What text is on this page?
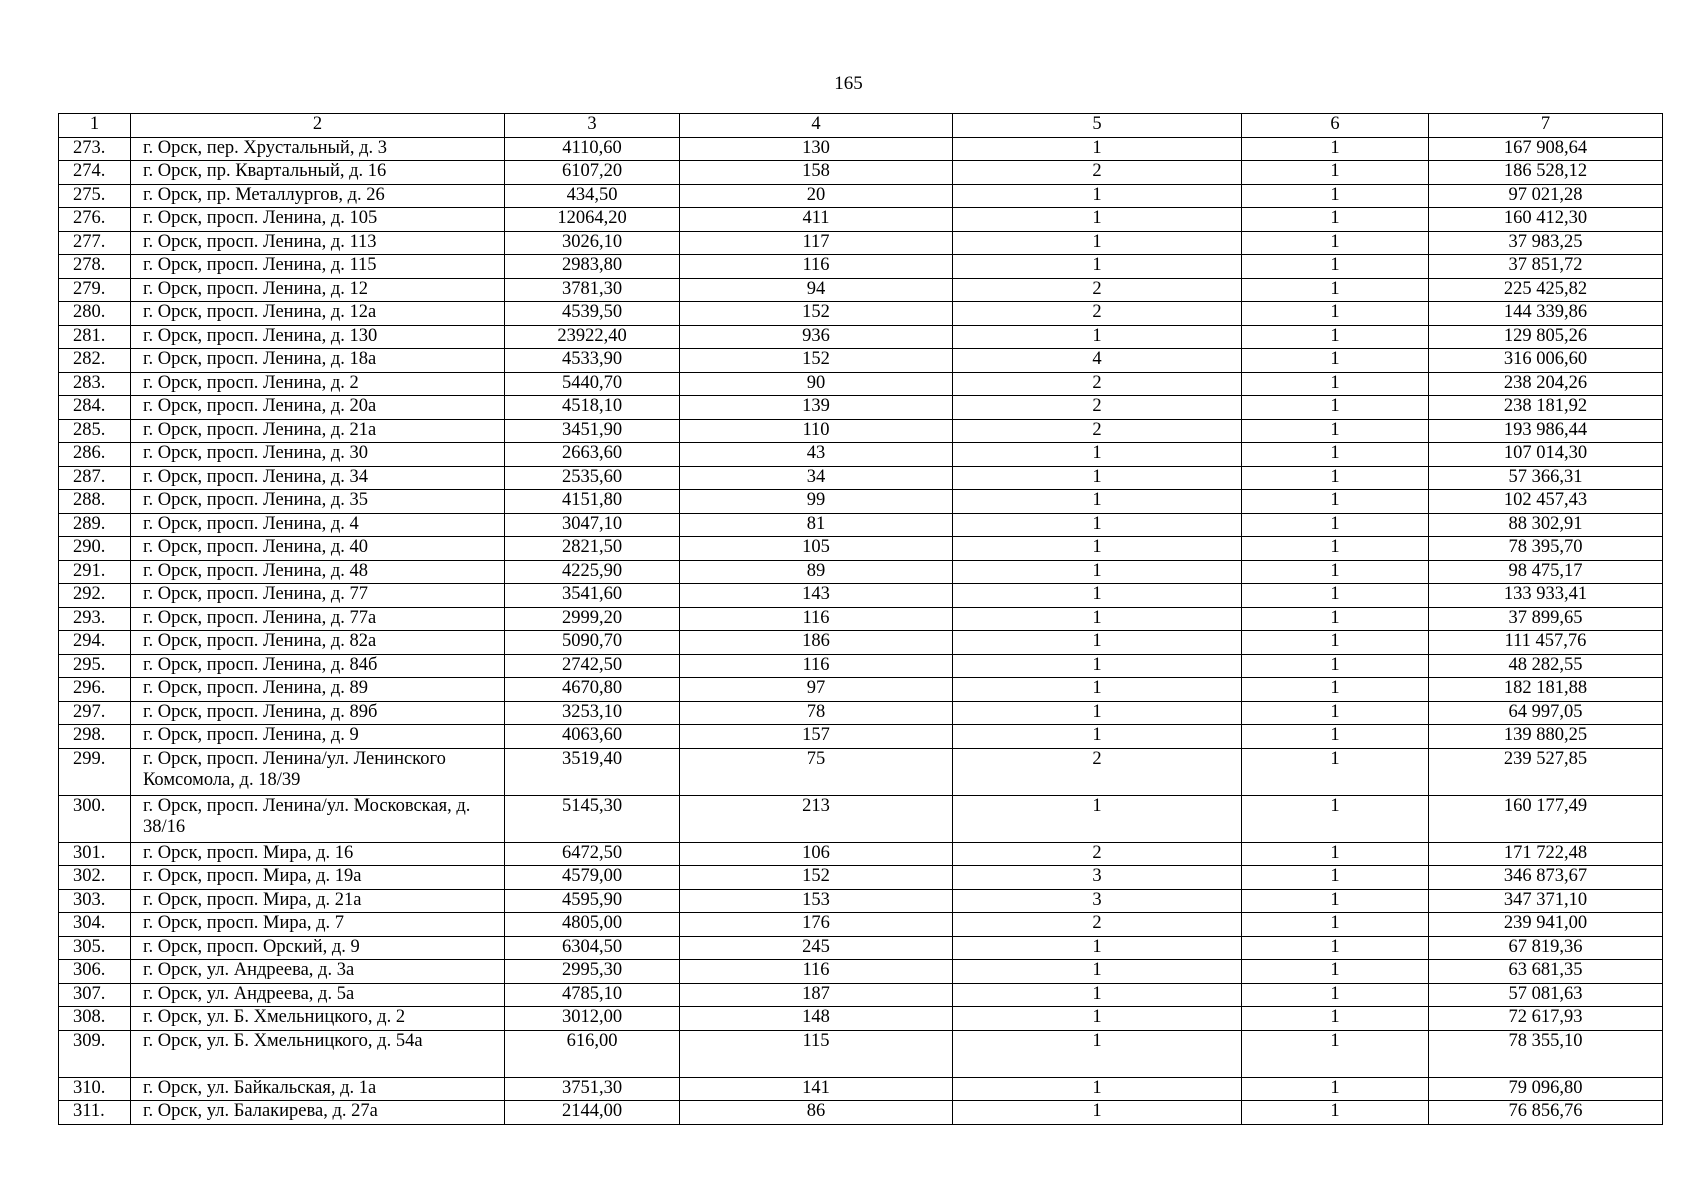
165
1	2	3	4	5	6	7
273.	г. Орск, пер. Хрустальный, д. 3	4110,60	130	1	1	167 908,64
274.	г. Орск, пр. Квартальный, д. 16	6107,20	158	2	1	186 528,12
275.	г. Орск, пр. Металлургов, д. 26	434,50	20	1	1	97 021,28
276.	г. Орск, просп. Ленина, д. 105	12064,20	411	1	1	160 412,30
277.	г. Орск, просп. Ленина, д. 113	3026,10	117	1	1	37 983,25
278.	г. Орск, просп. Ленина, д. 115	2983,80	116	1	1	37 851,72
279.	г. Орск, просп. Ленина, д. 12	3781,30	94	2	1	225 425,82
280.	г. Орск, просп. Ленина, д. 12а	4539,50	152	2	1	144 339,86
281.	г. Орск, просп. Ленина, д. 130	23922,40	936	1	1	129 805,26
282.	г. Орск, просп. Ленина, д. 18а	4533,90	152	4	1	316 006,60
283.	г. Орск, просп. Ленина, д. 2	5440,70	90	2	1	238 204,26
284.	г. Орск, просп. Ленина, д. 20а	4518,10	139	2	1	238 181,92
285.	г. Орск, просп. Ленина, д. 21а	3451,90	110	2	1	193 986,44
286.	г. Орск, просп. Ленина, д. 30	2663,60	43	1	1	107 014,30
287.	г. Орск, просп. Ленина, д. 34	2535,60	34	1	1	57 366,31
288.	г. Орск, просп. Ленина, д. 35	4151,80	99	1	1	102 457,43
289.	г. Орск, просп. Ленина, д. 4	3047,10	81	1	1	88 302,91
290.	г. Орск, просп. Ленина, д. 40	2821,50	105	1	1	78 395,70
291.	г. Орск, просп. Ленина, д. 48	4225,90	89	1	1	98 475,17
292.	г. Орск, просп. Ленина, д. 77	3541,60	143	1	1	133 933,41
293.	г. Орск, просп. Ленина, д. 77а	2999,20	116	1	1	37 899,65
294.	г. Орск, просп. Ленина, д. 82а	5090,70	186	1	1	111 457,76
295.	г. Орск, просп. Ленина, д. 84б	2742,50	116	1	1	48 282,55
296.	г. Орск, просп. Ленина, д. 89	4670,80	97	1	1	182 181,88
297.	г. Орск, просп. Ленина, д. 89б	3253,10	78	1	1	64 997,05
298.	г. Орск, просп. Ленина, д. 9	4063,60	157	1	1	139 880,25
299.	г. Орск, просп. Ленина/ул. Ленинского Комсомола, д. 18/39	3519,40	75	2	1	239 527,85
300.	г. Орск, просп. Ленина/ул. Московская, д. 38/16	5145,30	213	1	1	160 177,49
301.	г. Орск, просп. Мира, д. 16	6472,50	106	2	1	171 722,48
302.	г. Орск, просп. Мира, д. 19а	4579,00	152	3	1	346 873,67
303.	г. Орск, просп. Мира, д. 21а	4595,90	153	3	1	347 371,10
304.	г. Орск, просп. Мира, д. 7	4805,00	176	2	1	239 941,00
305.	г. Орск, просп. Орский, д. 9	6304,50	245	1	1	67 819,36
306.	г. Орск, ул. Андреева, д. 3а	2995,30	116	1	1	63 681,35
307.	г. Орск, ул. Андреева, д. 5а	4785,10	187	1	1	57 081,63
308.	г. Орск, ул. Б. Хмельницкого, д. 2	3012,00	148	1	1	72 617,93
309.	г. Орск, ул. Б. Хмельницкого, д. 54а	616,00	115	1	1	78 355,10
310.	г. Орск, ул. Байкальская, д. 1а	3751,30	141	1	1	79 096,80
311.	г. Орск, ул. Балакирева, д. 27а	2144,00	86	1	1	76 856,76
